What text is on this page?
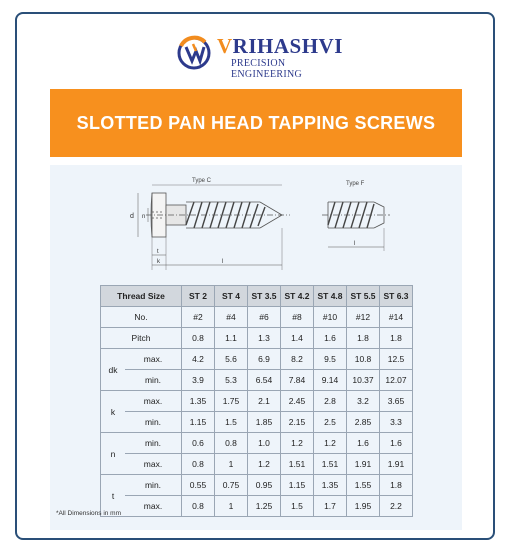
VRIHASHVI
PRECISION ENGINEERING
SLOTTED PAN HEAD TAPPING SCREWS
Type C	Type F
d n
t
k	l
l
Thread Size		ST 2	ST 4	ST 3.5	ST 4.2	ST 4.8	ST 5.5	ST 6.3
No.		#2	#4	#6	#8	#10	#12	#14
Pitch		0.8	1.1	1.3	1.4	1.6	1.8	1.8
dk	max.	4.2	5.6	6.9	8.2	9.5	10.8	12.5
	min.	3.9	5.3	6.54	7.84	9.14	10.37	12.07
k	max.	1.35	1.75	2.1	2.45	2.8	3.2	3.65
	min.	1.15	1.5	1.85	2.15	2.5	2.85	3.3
n	min.	0.6	0.8	1.0	1.2	1.2	1.6	1.6
	max.	0.8	1	1.2	1.51	1.51	1.91	1.91
t	min.	0.55	0.75	0.95	1.15	1.35	1.55	1.8
	max.	0.8	1	1.25	1.5	1.7	1.95	2.2
*All Dimensions in mm
